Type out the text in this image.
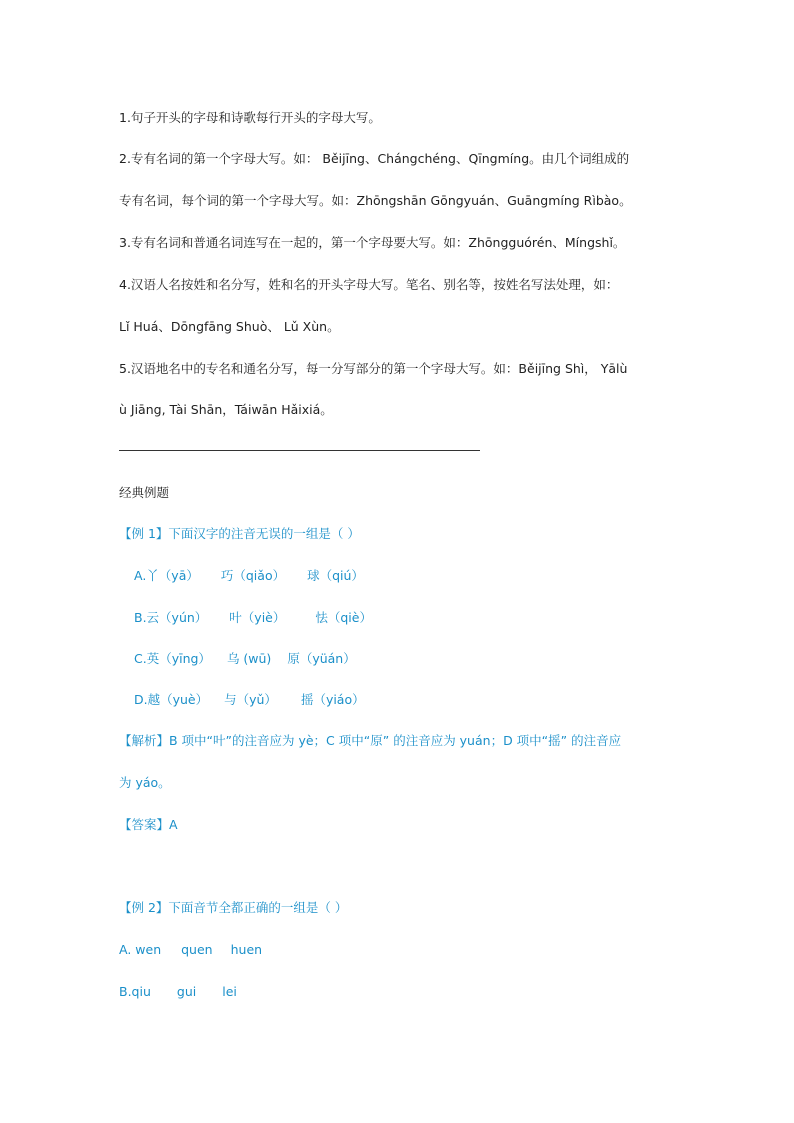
1.句子开头的字母和诗歌每行开头的字母大写。
2.专有名词的第一个字母大写。如： Běijīng、Chángchéng、Qīngmíng。由几个词组成的
专有名词，每个词的第一个字母大写。如：Zhōngshān Gōngyuán、Guāngmíng Rìbào。
3.专有名词和普通名词连写在一起的，第一个字母要大写。如：Zhōngguórén、Míngshǐ。
4.汉语人名按姓和名分写，姓和名的开头字母大写。笔名、别名等，按姓名写法处理，如：
Lǐ Huá、Dōngfāng Shuò、 Lǔ Xùn。
5.汉语地名中的专名和通名分写，每一分写部分的第一个字母大写。如：Běijīng Shì， Yālù
ù Jiāng, Tài Shān，Táiwān Hǎixiá。
经典例题
【例 1】下面汉字的注音无误的一组是（ ）
A.丫（yā） 巧（qiǎo） 球（qiú）
B.云（yún） 叶（yiè） 怯（qiè）
C.英（yīng） 乌 (wū) 原（yüán）
D.越（yuè） 与（yǔ） 摇（yiáo）
【解析】B 项中“叶”的注音应为 yè；C 项中“原” 的注音应为 yuán；D 项中“摇” 的注音应
为 yáo。
【答案】A
【例 2】下面音节全都正确的一组是（ ）
A. wen quen huen
B.qiu gui lei
